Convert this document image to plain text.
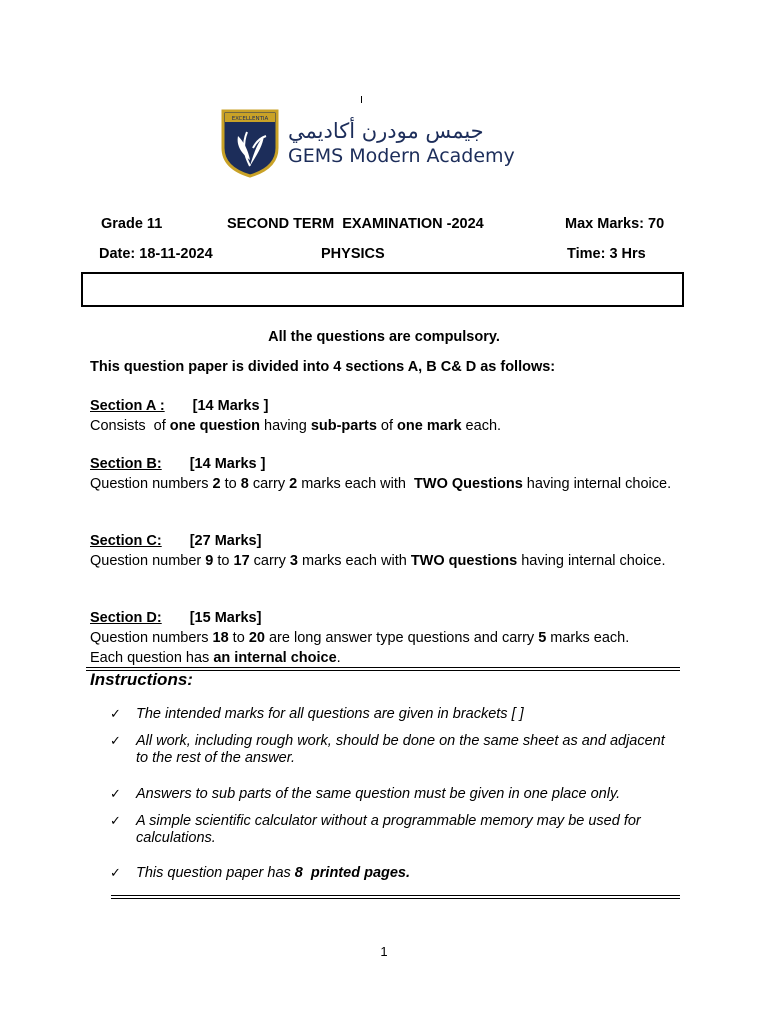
EXCELLENTIA جيمس مودرن أكاديمي
GEMS Modern Academy
Grade 11	SECOND TERM  EXAMINATION -2024	Max Marks: 70
Date: 18-11-2024	PHYSICS	Time: 3 Hrs
All the questions are compulsory.
This question paper is divided into 4 sections A, B C& D as follows:
Section A : [14 Marks ]
Consists  of one question having sub-parts of one mark each.
Section B: [14 Marks ]
Question numbers 2 to 8 carry 2 marks each with  TWO Questions having internal choice.
Section C: [27 Marks]
Question number 9 to 17 carry 3 marks each with TWO questions having internal choice.
Section D: [15 Marks]
Question numbers 18 to 20 are long answer type questions and carry 5 marks each.
Each question has an internal choice.
Instructions:
✓	The intended marks for all questions are given in brackets [ ]
✓	All work, including rough work, should be done on the same sheet as and adjacent to the rest of the answer.
✓	Answers to sub parts of the same question must be given in one place only.
✓	A simple scientific calculator without a programmable memory may be used for calculations.
✓	This question paper has 8  printed pages.
1
